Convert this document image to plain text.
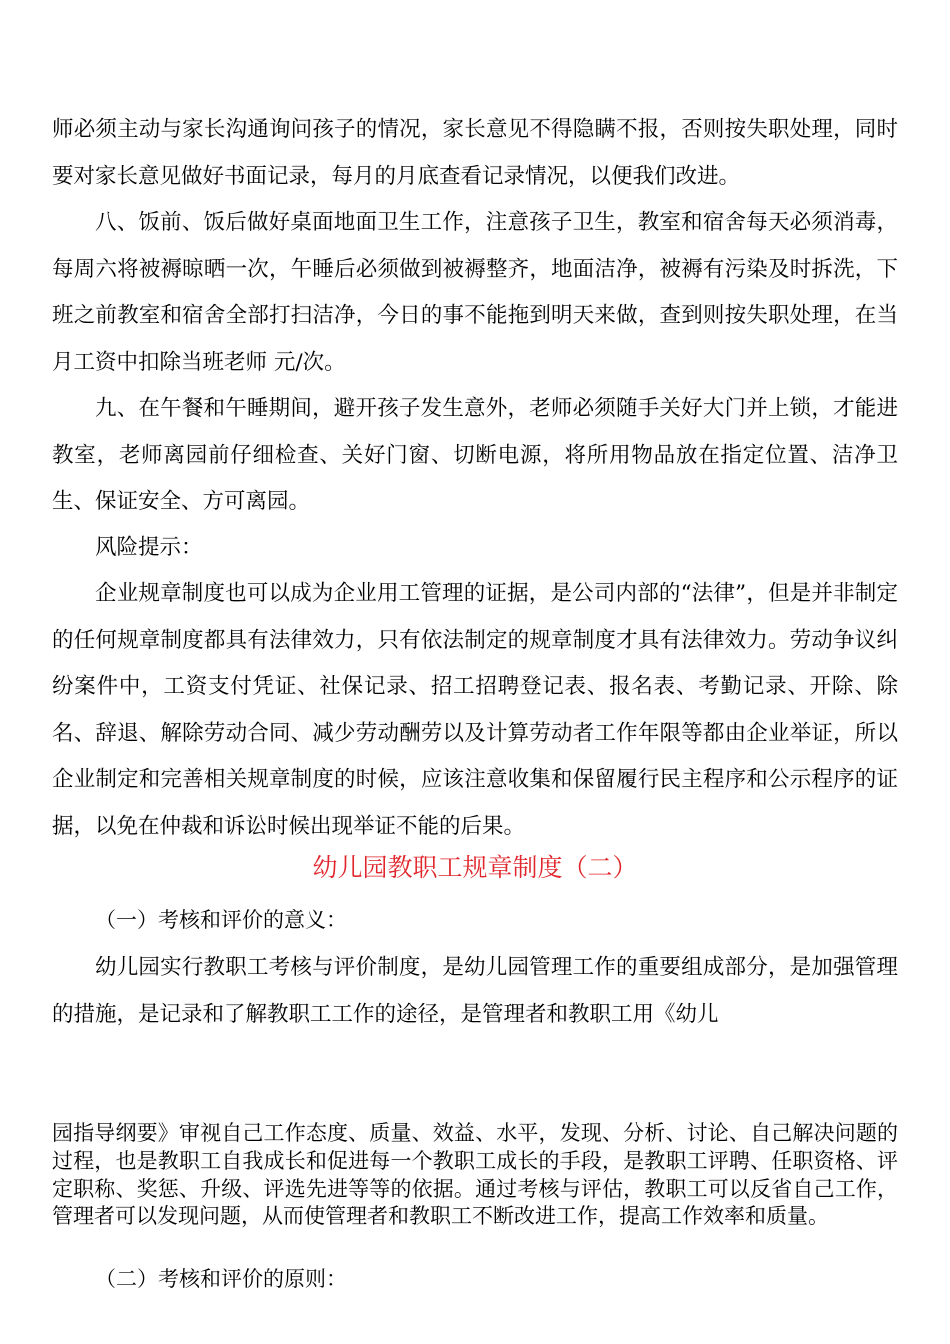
师必须主动与家长沟通询问孩子的情况，家长意见不得隐瞒不报，否则按失职处理，同时要对家长意见做好书面记录，每月的月底查看记录情况，以便我们改进。
八、饭前、饭后做好桌面地面卫生工作，注意孩子卫生，教室和宿舍每天必须消毒，每周六将被褥晾晒一次，午睡后必须做到被褥整齐，地面洁净，被褥有污染及时拆洗，下班之前教室和宿舍全部打扫洁净，今日的事不能拖到明天来做，查到则按失职处理，在当月工资中扣除当班老师 元/次。
九、在午餐和午睡期间，避开孩子发生意外，老师必须随手关好大门并上锁，才能进教室，老师离园前仔细检查、关好门窗、切断电源，将所用物品放在指定位置、洁净卫生、保证安全、方可离园。
风险提示：
企业规章制度也可以成为企业用工管理的证据，是公司内部的“法律”，但是并非制定的任何规章制度都具有法律效力，只有依法制定的规章制度才具有法律效力。劳动争议纠纷案件中，工资支付凭证、社保记录、招工招聘登记表、报名表、考勤记录、开除、除名、辞退、解除劳动合同、减少劳动酬劳以及计算劳动者工作年限等都由企业举证，所以企业制定和完善相关规章制度的时候，应该注意收集和保留履行民主程序和公示程序的证据，以免在仲裁和诉讼时候出现举证不能的后果。
幼儿园教职工规章制度（二）
（一）考核和评价的意义：
幼儿园实行教职工考核与评价制度，是幼儿园管理工作的重要组成部分，是加强管理的措施，是记录和了解教职工工作的途径，是管理者和教职工用《幼儿
园指导纲要》审视自己工作态度、质量、效益、水平，发现、分析、讨论、自己解决问题的过程，也是教职工自我成长和促进每一个教职工成长的手段，是教职工评聘、任职资格、评定职称、奖惩、升级、评选先进等等的依据。通过考核与评估，教职工可以反省自己工作，管理者可以发现问题，从而使管理者和教职工不断改进工作，提高工作效率和质量。
（二）考核和评价的原则：
